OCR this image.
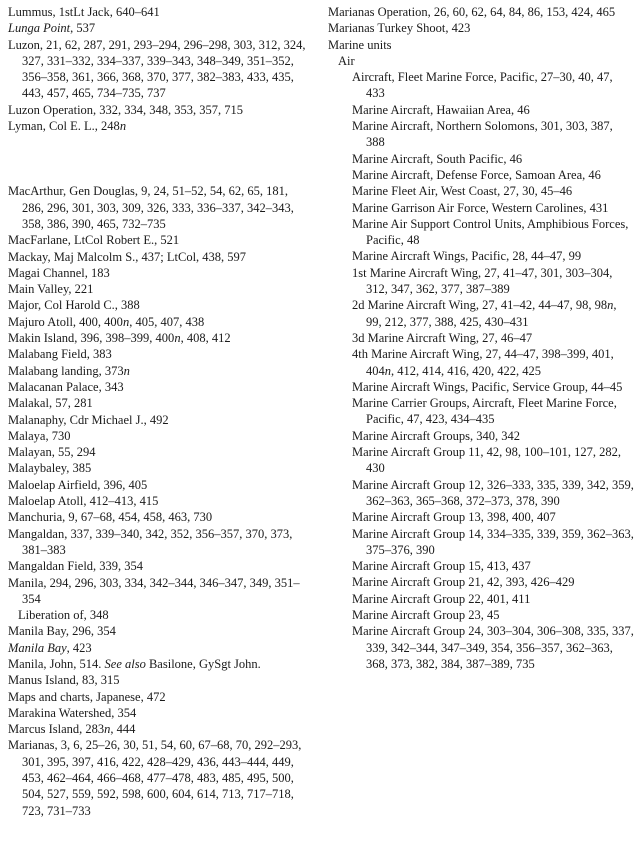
Lummus, 1stLt Jack, 640–641
Lunga Point, 537
Luzon, 21, 62, 287, 291, 293–294, 296–298, 303, 312, 324, 327, 331–332, 334–337, 339–343, 348–349, 351–352, 356–358, 361, 366, 368, 370, 377, 382–383, 433, 435, 443, 457, 465, 734–735, 737
Luzon Operation, 332, 334, 348, 353, 357, 715
Lyman, Col E. L., 248n
MacArthur, Gen Douglas, 9, 24, 51–52, 54, 62, 65, 181, 286, 296, 301, 303, 309, 326, 333, 336–337, 342–343, 358, 386, 390, 465, 732–735
MacFarlane, LtCol Robert E., 521
Mackay, Maj Malcolm S., 437; LtCol, 438, 597
Magai Channel, 183
Main Valley, 221
Major, Col Harold C., 388
Majuro Atoll, 400, 400n, 405, 407, 438
Makin Island, 396, 398–399, 400n, 408, 412
Malabang Field, 383
Malabang landing, 373n
Malacanan Palace, 343
Malakal, 57, 281
Malanaphy, Cdr Michael J., 492
Malaya, 730
Malayan, 55, 294
Malaybaley, 385
Maloelap Airfield, 396, 405
Maloelap Atoll, 412–413, 415
Manchuria, 9, 67–68, 454, 458, 463, 730
Mangaldan, 337, 339–340, 342, 352, 356–357, 370, 373, 381–383
Mangaldan Field, 339, 354
Manila, 294, 296, 303, 334, 342–344, 346–347, 349, 351–354
Liberation of, 348
Manila Bay, 296, 354
Manila Bay, 423
Manila, John, 514. See also Basilone, GySgt John.
Manus Island, 83, 315
Maps and charts, Japanese, 472
Marakina Watershed, 354
Marcus Island, 283n, 444
Marianas, 3, 6, 25–26, 30, 51, 54, 60, 67–68, 70, 292–293, 301, 395, 397, 416, 422, 428–429, 436, 443–444, 449, 453, 462–464, 466–468, 477–478, 483, 485, 495, 500, 504, 527, 559, 592, 598, 600, 604, 614, 713, 717–718, 723, 731–733
Marianas Operation, 26, 60, 62, 64, 84, 86, 153, 424, 465
Marianas Turkey Shoot, 423
Marine units
Air
Aircraft, Fleet Marine Force, Pacific, 27–30, 40, 47, 433
Marine Aircraft, Hawaiian Area, 46
Marine Aircraft, Northern Solomons, 301, 303, 387, 388
Marine Aircraft, South Pacific, 46
Marine Aircraft, Defense Force, Samoan Area, 46
Marine Fleet Air, West Coast, 27, 30, 45–46
Marine Garrison Air Force, Western Carolines, 431
Marine Air Support Control Units, Amphibious Forces, Pacific, 48
Marine Aircraft Wings, Pacific, 28, 44–47, 99
1st Marine Aircraft Wing, 27, 41–47, 301, 303–304, 312, 347, 362, 377, 387–389
2d Marine Aircraft Wing, 27, 41–42, 44–47, 98, 98n, 99, 212, 377, 388, 425, 430–431
3d Marine Aircraft Wing, 27, 46–47
4th Marine Aircraft Wing, 27, 44–47, 398–399, 401, 404n, 412, 414, 416, 420, 422, 425
Marine Aircraft Wings, Pacific, Service Group, 44–45
Marine Carrier Groups, Aircraft, Fleet Marine Force, Pacific, 47, 423, 434–435
Marine Aircraft Groups, 340, 342
Marine Aircraft Group 11, 42, 98, 100–101, 127, 282, 430
Marine Aircraft Group 12, 326–333, 335, 339, 342, 359, 362–363, 365–368, 372–373, 378, 390
Marine Aircraft Group 13, 398, 400, 407
Marine Aircraft Group 14, 334–335, 339, 359, 362–363, 375–376, 390
Marine Aircraft Group 15, 413, 437
Marine Aircraft Group 21, 42, 393, 426–429
Marine Aircraft Group 22, 401, 411
Marine Aircraft Group 23, 45
Marine Aircraft Group 24, 303–304, 306–308, 335, 337, 339, 342–344, 347–349, 354, 356–357, 362–363, 368, 373, 382, 384, 387–389, 735
